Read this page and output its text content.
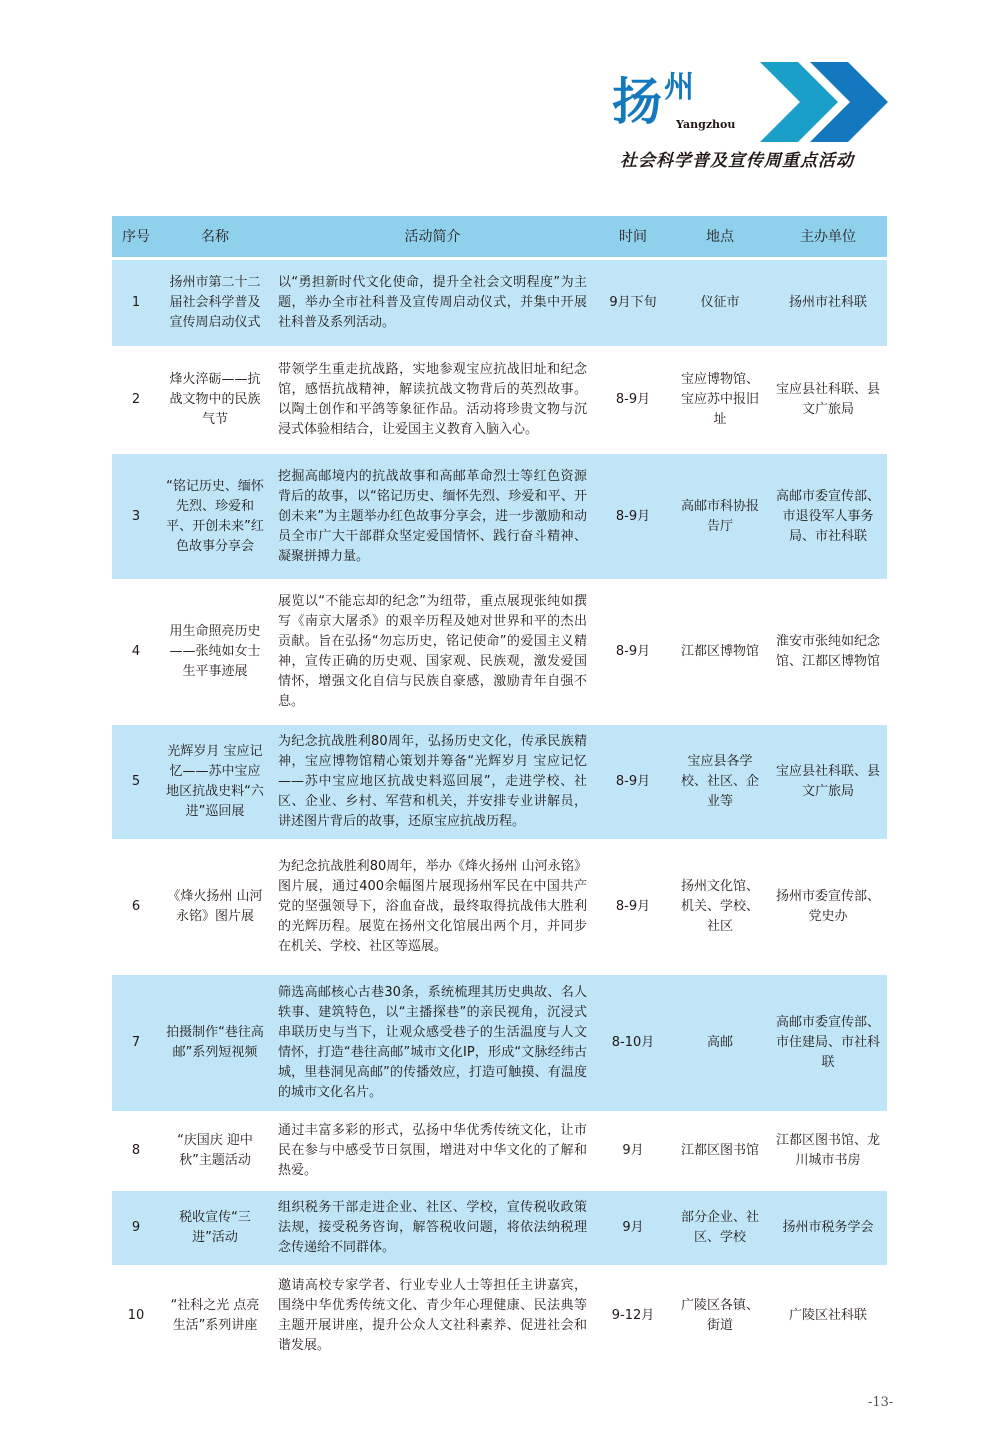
扬州
Yangzhou
社会科学普及宣传周重点活动
序号	名称	活动简介	时间	地点	主办单位
1	扬州市第二十二届社会科学普及宣传周启动仪式	以“勇担新时代文化使命，提升全社会文明程度”为主题，举办全市社科普及宣传周启动仪式，并集中开展社科普及系列活动。	9月下旬	仪征市	扬州市社科联
2	烽火淬砺——抗战文物中的民族气节	带领学生重走抗战路，实地参观宝应抗战旧址和纪念馆，感悟抗战精神，解读抗战文物背后的英烈故事。以陶土创作和平鸽等象征作品。活动将珍贵文物与沉浸式体验相结合，让爱国主义教育入脑入心。	8-9月	宝应博物馆、宝应苏中报旧址	宝应县社科联、县文广旅局
3	“铭记历史、缅怀先烈、珍爱和平、开创未来”红色故事分享会	挖掘高邮境内的抗战故事和高邮革命烈士等红色资源背后的故事，以“铭记历史、缅怀先烈、珍爱和平、开创未来”为主题举办红色故事分享会，进一步激励和动员全市广大干部群众坚定爱国情怀、践行奋斗精神、凝聚拼搏力量。	8-9月	高邮市科协报告厅	高邮市委宣传部、市退役军人事务局、市社科联
4	用生命照亮历史——张纯如女士生平事迹展	展览以“不能忘却的纪念”为纽带，重点展现张纯如撰写《南京大屠杀》的艰辛历程及她对世界和平的杰出贡献。旨在弘扬“勿忘历史，铭记使命”的爱国主义精神，宣传正确的历史观、国家观、民族观，激发爱国情怀，增强文化自信与民族自豪感，激励青年自强不息。	8-9月	江都区博物馆	淮安市张纯如纪念馆、江都区博物馆
5	光辉岁月 宝应记忆——苏中宝应地区抗战史料“六进”巡回展	为纪念抗战胜利80周年，弘扬历史文化，传承民族精神，宝应博物馆精心策划并筹备“光辉岁月 宝应记忆——苏中宝应地区抗战史料巡回展”，走进学校、社区、企业、乡村、军营和机关，并安排专业讲解员，讲述图片背后的故事，还原宝应抗战历程。	8-9月	宝应县各学校、社区、企业等	宝应县社科联、县文广旅局
6	《烽火扬州 山河永铭》图片展	为纪念抗战胜利80周年，举办《烽火扬州 山河永铭》图片展，通过400余幅图片展现扬州军民在中国共产党的坚强领导下，浴血奋战，最终取得抗战伟大胜利的光辉历程。展览在扬州文化馆展出两个月，并同步在机关、学校、社区等巡展。	8-9月	扬州文化馆、机关、学校、社区	扬州市委宣传部、党史办
7	拍摄制作“巷往高邮”系列短视频	筛选高邮核心古巷30条，系统梳理其历史典故、名人轶事、建筑特色，以“主播探巷”的亲民视角，沉浸式串联历史与当下，让观众感受巷子的生活温度与人文情怀，打造“巷往高邮”城市文化IP，形成“文脉经纬古城，里巷洞见高邮”的传播效应，打造可触摸、有温度的城市文化名片。	8-10月	高邮	高邮市委宣传部、市住建局、市社科联
8	“庆国庆 迎中秋”主题活动	通过丰富多彩的形式，弘扬中华优秀传统文化，让市民在参与中感受节日氛围，增进对中华文化的了解和热爱。	9月	江都区图书馆	江都区图书馆、龙川城市书房
9	税收宣传“三进”活动	组织税务干部走进企业、社区、学校，宣传税收政策法规，接受税务咨询，解答税收问题，将依法纳税理念传递给不同群体。	9月	部分企业、社区、学校	扬州市税务学会
10	“社科之光 点亮生活”系列讲座	邀请高校专家学者、行业专业人士等担任主讲嘉宾，围绕中华优秀传统文化、青少年心理健康、民法典等主题开展讲座，提升公众人文社科素养、促进社会和谐发展。	9-12月	广陵区各镇、街道	广陵区社科联
-13-
